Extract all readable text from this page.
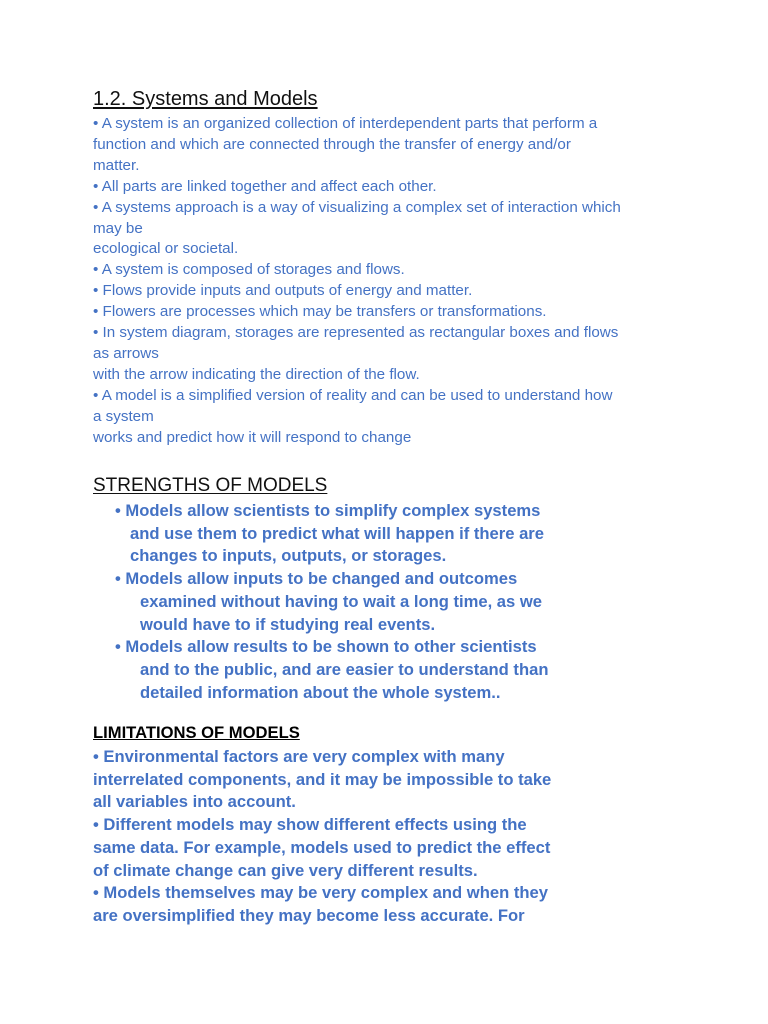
1.2. Systems and Models
• A system is an organized collection of interdependent parts that perform a
function and which are connected through the transfer of energy and/or
matter.
• All parts are linked together and affect each other.
• A systems approach is a way of visualizing a complex set of interaction which
may be
ecological or societal.
• A system is composed of storages and flows.
• Flows provide inputs and outputs of energy and matter.
• Flowers are processes which may be transfers or transformations.
• In system diagram, storages are represented as rectangular boxes and flows
as arrows
with the arrow indicating the direction of the flow.
• A model is a simplified version of reality and can be used to understand how
a system
works and predict how it will respond to change
STRENGTHS OF MODELS
• Models allow scientists to simplify complex systems
and use them to predict what will happen if there are
changes to inputs, outputs, or storages.
• Models allow inputs to be changed and outcomes
examined without having to wait a long time, as we
would have to if studying real events.
• Models allow results to be shown to other scientists
and to the public, and are easier to understand than
detailed information about the whole system..
LIMITATIONS OF MODELS
• Environmental factors are very complex with many
interrelated components, and it may be impossible to take
all variables into account.
• Different models may show different effects using the
same data. For example, models used to predict the effect
of climate change can give very different results.
• Models themselves may be very complex and when they
are oversimplified they may become less accurate. For
